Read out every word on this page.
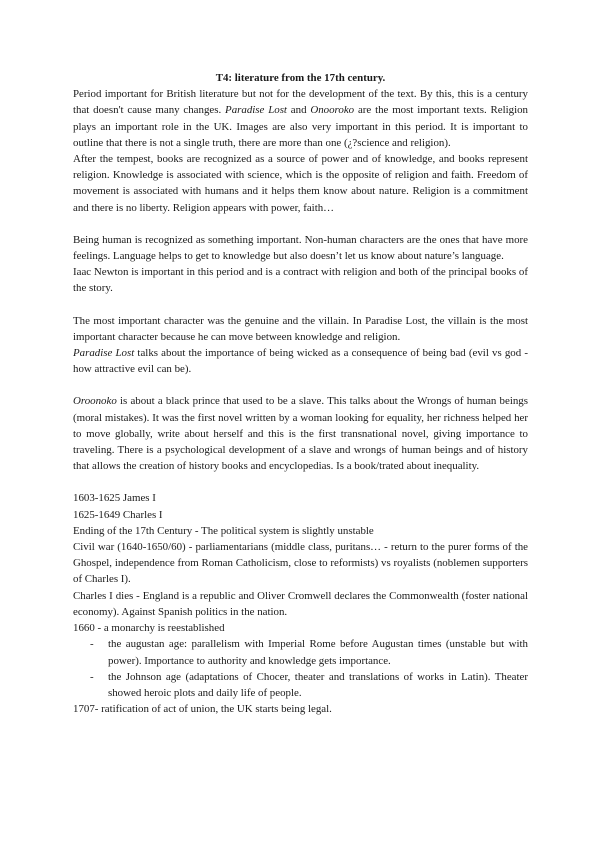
T4: literature from the 17th century.

Period important for British literature but not for the development of the text. By this, this is a century that doesn't cause many changes. Paradise Lost and Onooroko are the most important texts. Religion plays an important role in the UK. Images are also very important in this period. It is important to outline that there is not a single truth, there are more than one (¿?science and religion).

After the tempest, books are recognized as a source of power and of knowledge, and books represent religion. Knowledge is associated with science, which is the opposite of religion and faith. Freedom of movement is associated with humans and it helps them know about nature. Religion is a commitment and there is no liberty. Religion appears with power, faith…

Being human is recognized as something important. Non-human characters are the ones that have more feelings. Language helps to get to knowledge but also doesn’t let us know about nature’s language.

Iaac Newton is important in this period and is a contract with religion and both of the principal books of the story.

The most important character was the genuine and the villain. In Paradise Lost, the villain is the most important character because he can move between knowledge and religion.

Paradise Lost talks about the importance of being wicked as a consequence of being bad (evil vs god - how attractive evil can be).

Oroonoko is about a black prince that used to be a slave. This talks about the Wrongs of human beings (moral mistakes). It was the first novel written by a woman looking for equality, her richness helped her to move globally, write about herself and this is the first transnational novel, giving importance to traveling. There is a psychological development of a slave and wrongs of human beings and of history that allows the creation of history books and encyclopedias. Is a book/trated about inequality.

1603-1625 James I

1625-1649 Charles I

Ending of the 17th Century - The political system is slightly unstable

Civil war (1640-1650/60) - parliamentarians (middle class, puritans… - return to the purer forms of the Ghospel, independence from Roman Catholicism, close to reformists) vs royalists (noblemen supporters of Charles I).

Charles I dies - England is a republic and Oliver Cromwell declares the Commonwealth (foster national economy). Against Spanish politics in the nation.

1660 - a monarchy is reestablished

- the augustan age: parallelism with Imperial Rome before Augustan times (unstable but with power). Importance to authority and knowledge gets importance.
- the Johnson age (adaptations of Chocer, theater and translations of works in Latin). Theater showed heroic plots and daily life of people.

1707- ratification of act of union, the UK starts being legal.
